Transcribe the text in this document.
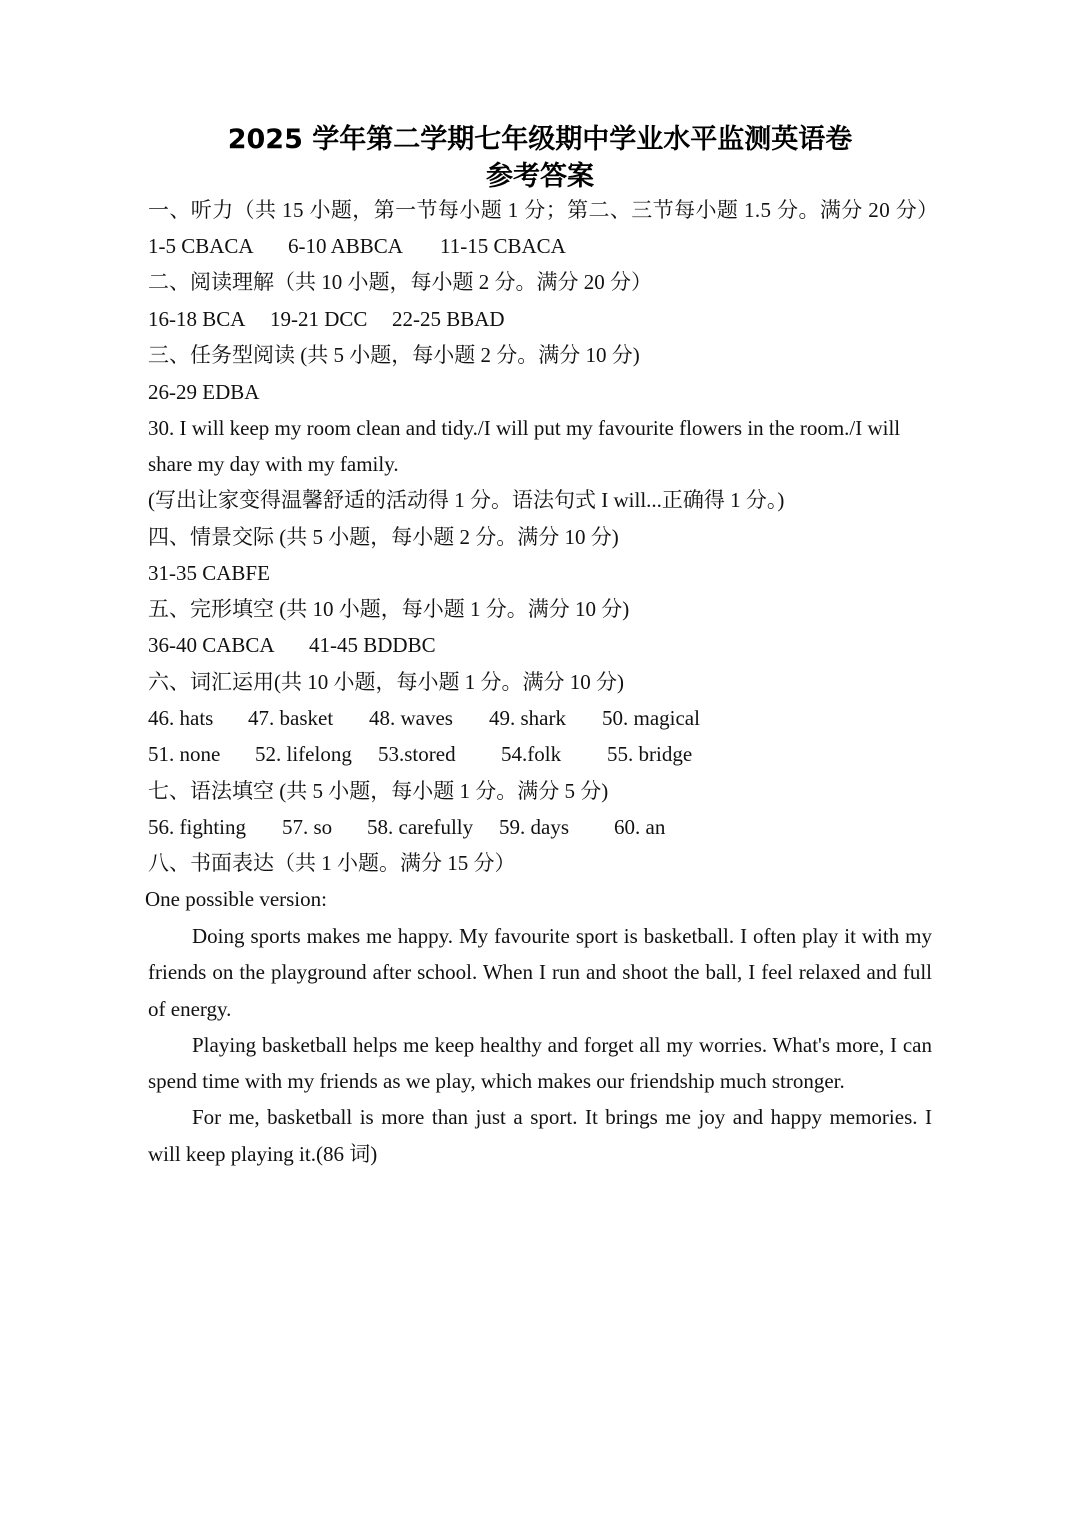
2025 学年第二学期七年级期中学业水平监测英语卷
参考答案
一、听力（共 15 小题，第一节每小题 1 分；第二、三节每小题 1.5 分。满分 20 分）
1-5 CBACA 6-10 ABBCA 11-15 CBACA
二、阅读理解（共 10 小题，每小题 2 分。满分 20 分）
16-18 BCA 19-21 DCC 22-25 BBAD
三、任务型阅读 (共 5 小题，每小题 2 分。满分 10 分)
26-29 EDBA
30. I will keep my room clean and tidy./I will put my favourite flowers in the room./I will
share my day with my family.
(写出让家变得温馨舒适的活动得 1 分。语法句式 I will...正确得 1 分。)
四、情景交际 (共 5 小题，每小题 2 分。满分 10 分)
31-35 CABFE
五、完形填空 (共 10 小题，每小题 1 分。满分 10 分)
36-40 CABCA 41-45 BDDBC
六、词汇运用(共 10 小题，每小题 1 分。满分 10 分)
46. hats 47. basket 48. waves 49. shark 50. magical
51. none 52. lifelong 53.stored 54.folk 55. bridge
七、语法填空 (共 5 小题，每小题 1 分。满分 5 分)
56. fighting 57. so 58. carefully 59. days 60. an
八、书面表达（共 1 小题。满分 15 分）
One possible version:

Doing sports makes me happy. My favourite sport is basketball. I often play it with my friends on the playground after school. When I run and shoot the ball, I feel relaxed and full of energy.

Playing basketball helps me keep healthy and forget all my worries. What's more, I can spend time with my friends as we play, which makes our friendship much stronger.

For me, basketball is more than just a sport. It brings me joy and happy memories. I will keep playing it.(86 词)
